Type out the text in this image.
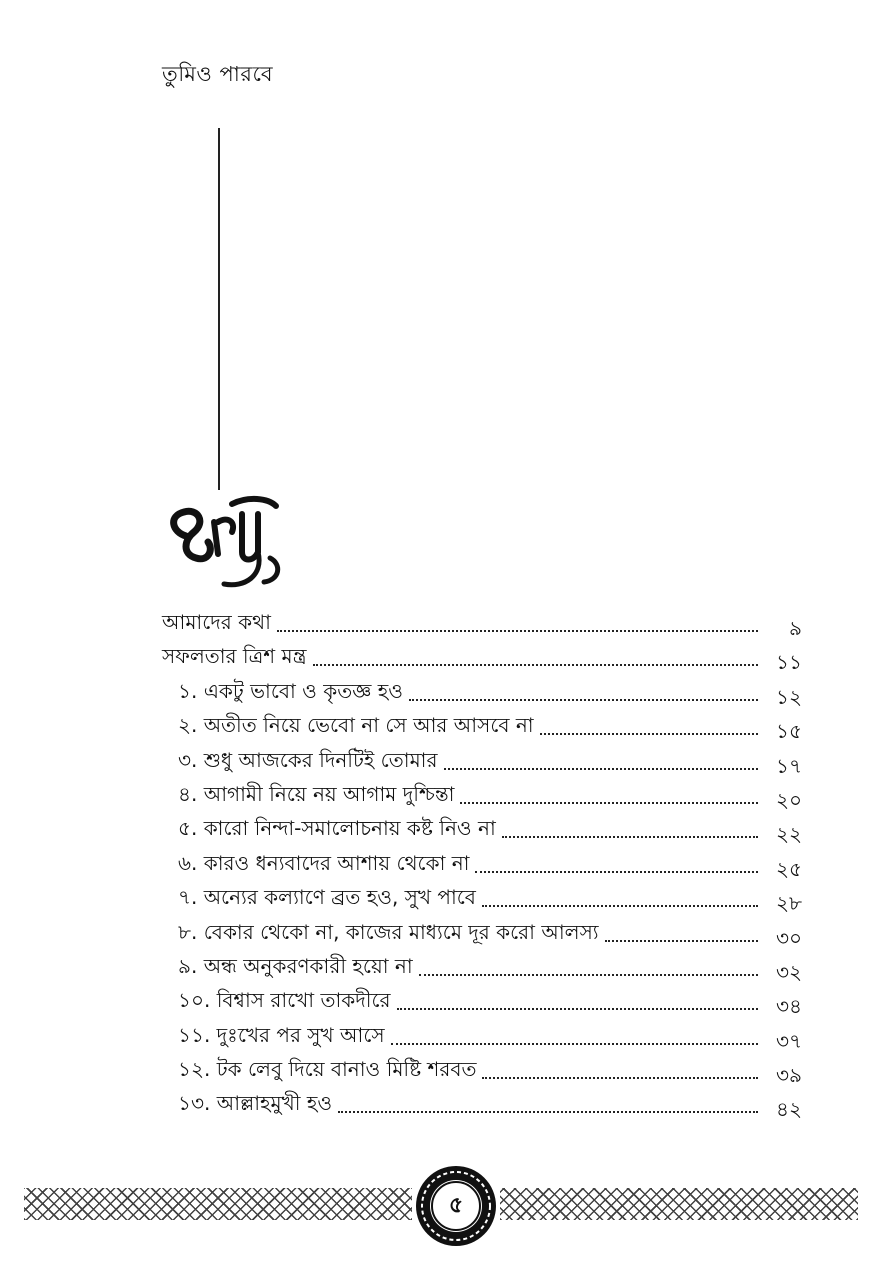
তুমিও পারবে
আমাদের কথা	৯
সফলতার ত্রিশ মন্ত্র	১১
১. একটু ভাবো ও কৃতজ্ঞ হও	১২
২. অতীত নিয়ে ভেবো না সে আর আসবে না	১৫
৩. শুধু আজকের দিনটিই তোমার	১৭
৪. আগামী নিয়ে নয় আগাম দুশ্চিন্তা	২০
৫. কারো নিন্দা-সমালোচনায় কষ্ট নিও না	২২
৬. কারও ধন্যবাদের আশায় থেকো না	২৫
৭. অন্যের কল্যাণে ব্রত হও, সুখ পাবে	২৮
৮. বেকার থেকো না, কাজের মাধ্যমে দূর করো আলস্য	৩০
৯. অন্ধ অনুকরণকারী হয়ো না	৩২
১০. বিশ্বাস রাখো তাকদীরে	৩৪
১১. দুঃখের পর সুখ আসে	৩৭
১২. টক লেবু দিয়ে বানাও মিষ্টি শরবত	৩৯
১৩. আল্লাহমুখী হও	৪২
৫
